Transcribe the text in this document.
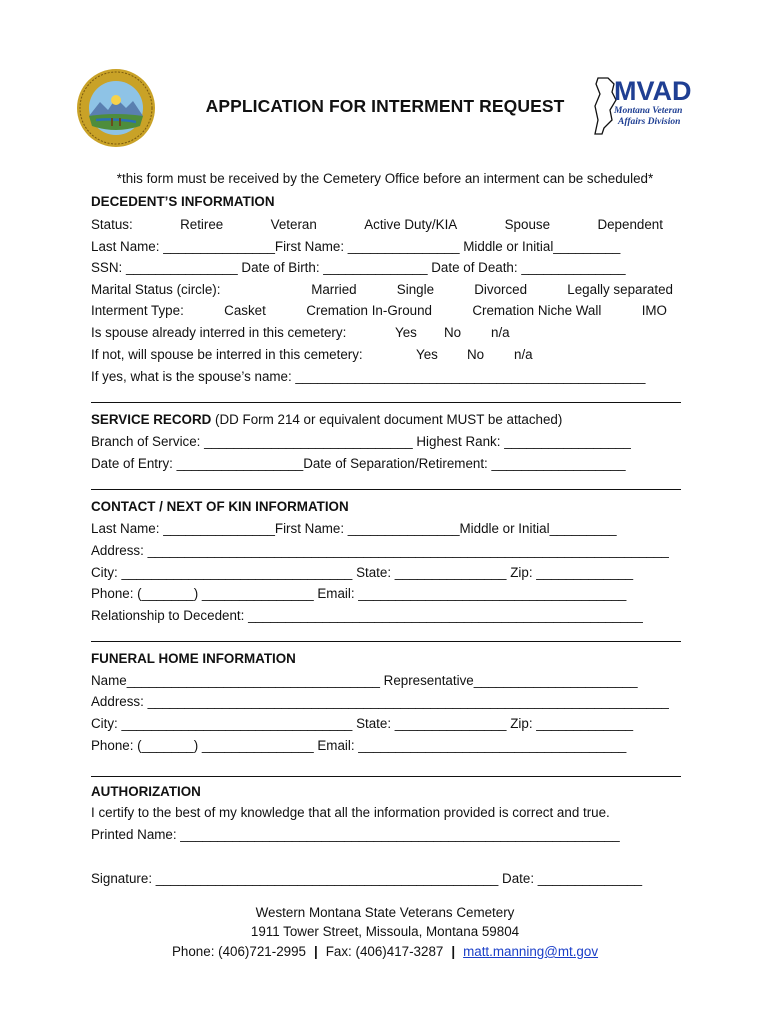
APPLICATION FOR INTERMENT REQUEST	MVAD
Montana Veteran
Affairs Division
*this form must be received by the Cemetery Office before an interment can be scheduled*
DECEDENT’S INFORMATION
Status:	Retiree	Veteran	Active Duty/KIA	Spouse	Dependent
Last Name: _______________First Name: _______________ Middle or Initial_________
SSN: _______________ Date of Birth: ______________ Date of Death: ______________
Marital Status (circle):	Married	Single	Divorced	Legally separated
Interment Type:	Casket	Cremation In-Ground	Cremation Niche Wall	IMO
Is spouse already interred in this cemetery:	Yes No n/a
If not, will spouse be interred in this cemetery:	Yes No n/a
If yes, what is the spouse’s name: _______________________________________________
SERVICE RECORD (DD Form 214 or equivalent document MUST be attached)
Branch of Service: ____________________________ Highest Rank: _________________
Date of Entry: _________________Date of Separation/Retirement: __________________
CONTACT / NEXT OF KIN INFORMATION
Last Name: _______________First Name: _______________Middle or Initial_________
Address: ______________________________________________________________________
City: _______________________________ State: _______________ Zip: _____________
Phone: (_______) _______________ Email: ____________________________________
Relationship to Decedent: _____________________________________________________
FUNERAL HOME INFORMATION
Name__________________________________ Representative______________________
Address: ______________________________________________________________________
City: _______________________________ State: _______________ Zip: _____________
Phone: (_______) _______________ Email: ____________________________________
AUTHORIZATION
I certify to the best of my knowledge that all the information provided is correct and true.
Printed Name: ___________________________________________________________
Signature: ______________________________________________ Date: ______________
Western Montana State Veterans Cemetery
1911 Tower Street, Missoula, Montana 59804
Phone: (406)721-2995 | Fax: (406)417-3287 | matt.manning@mt.gov
